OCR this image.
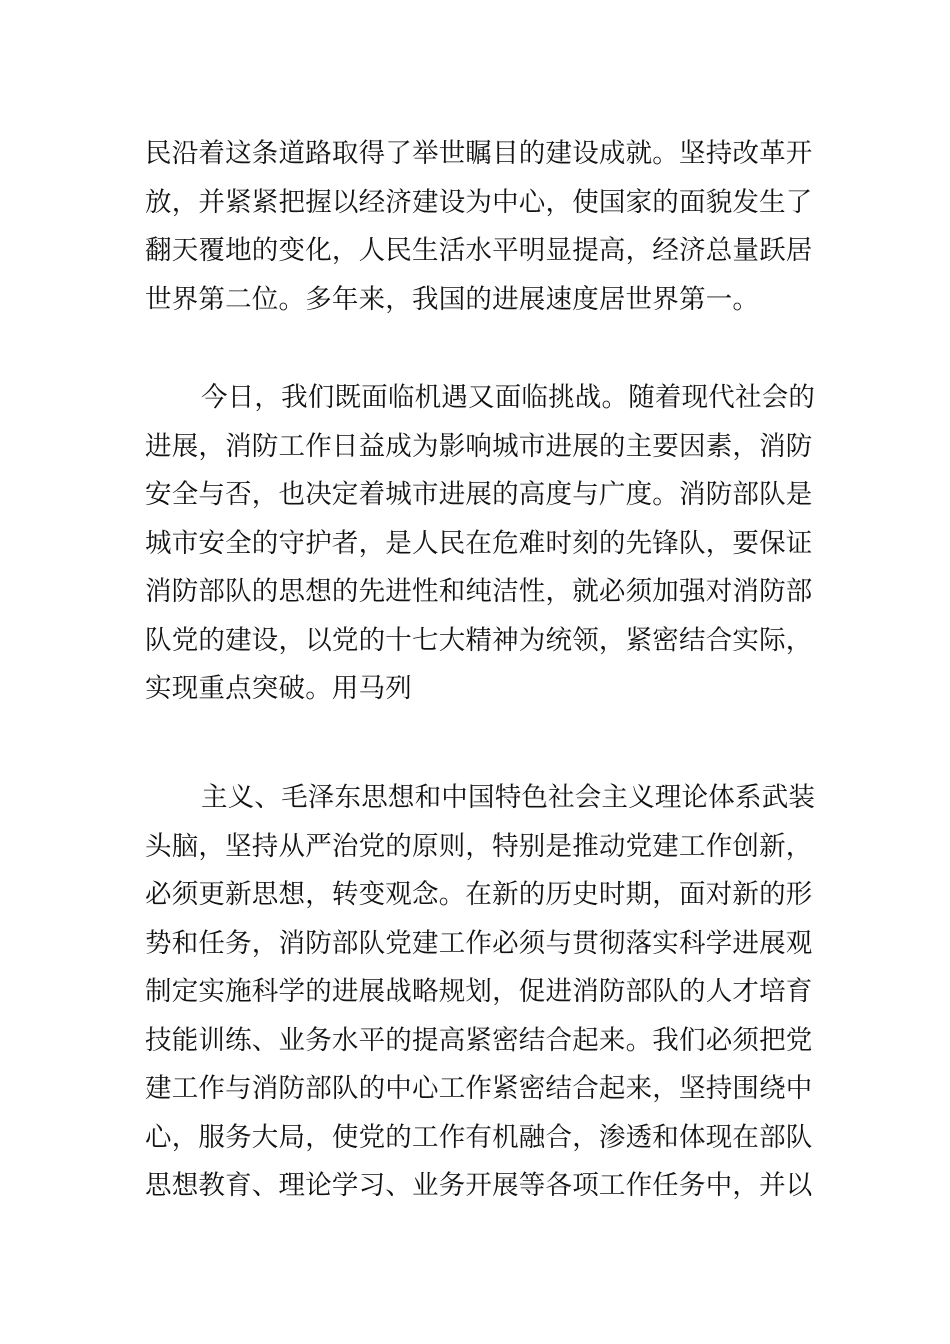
民沿着这条道路取得了举世瞩目的建设成就。坚持改革开
放，并紧紧把握以经济建设为中心，使国家的面貌发生了
翻天覆地的变化，人民生活水平明显提高，经济总量跃居
世界第二位。多年来，我国的进展速度居世界第一。
今日，我们既面临机遇又面临挑战。随着现代社会的
进展，消防工作日益成为影响城市进展的主要因素，消防
安全与否，也决定着城市进展的高度与广度。消防部队是
城市安全的守护者，是人民在危难时刻的先锋队，要保证
消防部队的思想的先进性和纯洁性，就必须加强对消防部
队党的建设，以党的十七大精神为统领，紧密结合实际，
实现重点突破。用马列
主义、毛泽东思想和中国特色社会主义理论体系武装
头脑，坚持从严治党的原则，特别是推动党建工作创新，
必须更新思想，转变观念。在新的历史时期，面对新的形
势和任务，消防部队党建工作必须与贯彻落实科学进展观
制定实施科学的进展战略规划，促进消防部队的人才培育
技能训练、业务水平的提高紧密结合起来。我们必须把党
建工作与消防部队的中心工作紧密结合起来，坚持围绕中
心，服务大局，使党的工作有机融合，渗透和体现在部队
思想教育、理论学习、业务开展等各项工作任务中，并以
